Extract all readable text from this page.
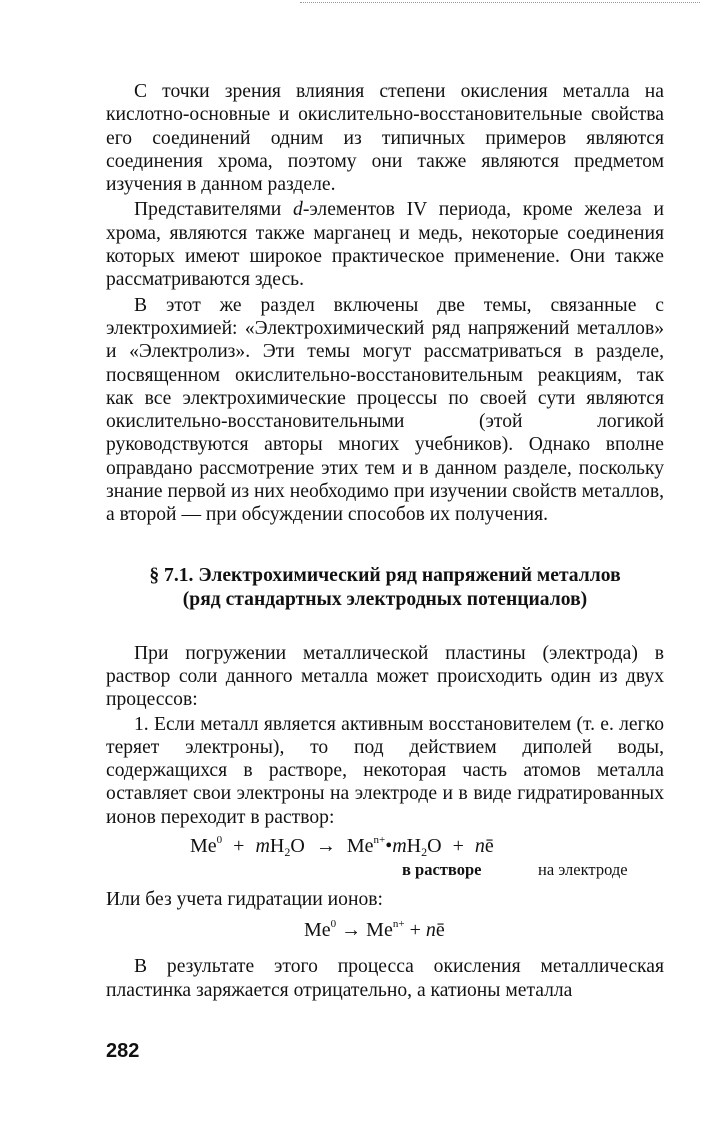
С точки зрения влияния степени окисления металла на кислотно-основные и окислительно-восстановительные свойства его соединений одним из типичных примеров являются соединения хрома, поэтому они также являются предметом изучения в данном разделе.

Представителями d-элементов IV периода, кроме железа и хрома, являются также марганец и медь, некоторые соединения которых имеют широкое практическое применение. Они также рассматриваются здесь.

В этот же раздел включены две темы, связанные с электрохимией: «Электрохимический ряд напряжений металлов» и «Электролиз». Эти темы могут рассматриваться в разделе, посвященном окислительно-восстановительным реакциям, так как все электрохимические процессы по своей сути являются окислительно-восстановительными (этой логикой руководствуются авторы многих учебников). Однако вполне оправдано рассмотрение этих тем и в данном разделе, поскольку знание первой из них необходимо при изучении свойств металлов, а второй — при обсуждении способов их получения.

§ 7.1. Электрохимический ряд напряжений металлов
(ряд стандартных электродных потенциалов)

При погружении металлической пластины (электрода) в раствор соли данного металла может происходить один из двух процессов:

1. Если металл является активным восстановителем (т. е. легко теряет электроны), то под действием диполей воды, содержащихся в растворе, некоторая часть атомов металла оставляет свои электроны на электроде и в виде гидратированных ионов переходит в раствор:

$Me^0 + mH_2O$ → $Me^{n+}•mH_2O$ + nē
в растворе	на электроде

Или без учета гидратации ионов:

$Me^0 \to Me^{n+}$ + nē

В результате этого процесса окисления металлическая пластинка заряжается отрицательно, а катионы металла

282
